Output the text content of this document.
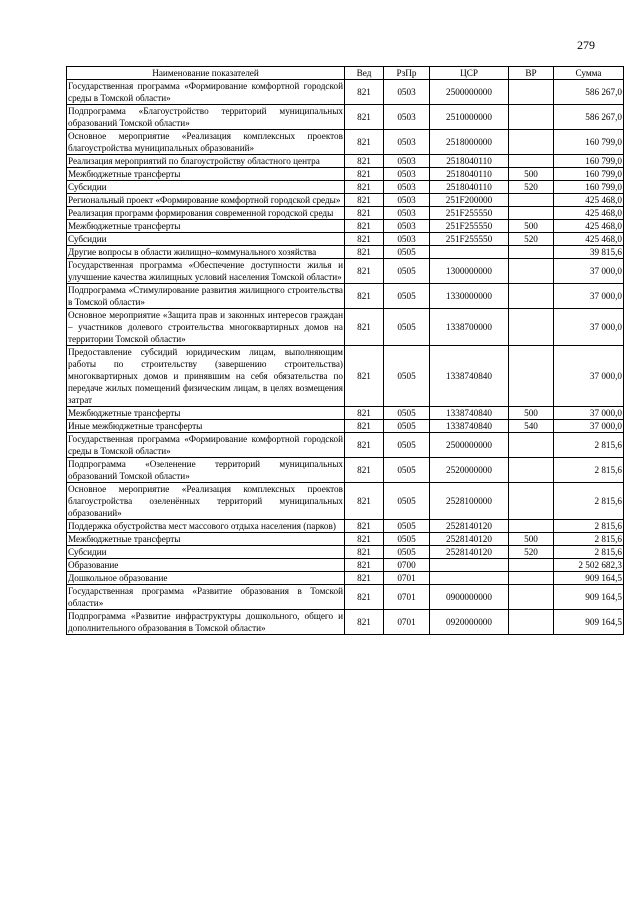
279
Наименование показателей	Вед	РзПр	ЦСР	ВР	Сумма
Государственная программа «Формирование комфортной городской среды в Томской области»	821	0503	2500000000		586 267,0
Подпрограмма «Благоустройство территорий муниципальных образований Томской области»	821	0503	2510000000		586 267,0
Основное мероприятие «Реализация комплексных проектов благоустройства муниципальных образований»	821	0503	2518000000		160 799,0
Реализация мероприятий по благоустройству областного центра	821	0503	2518040110		160 799,0
Межбюджетные трансферты	821	0503	2518040110	500	160 799,0
Субсидии	821	0503	2518040110	520	160 799,0
Региональный проект «Формирование комфортной городской среды»	821	0503	251F200000		425 468,0
Реализация программ формирования современной городской среды	821	0503	251F255550		425 468,0
Межбюджетные трансферты	821	0503	251F255550	500	425 468,0
Субсидии	821	0503	251F255550	520	425 468,0
Другие вопросы в области жилищно–коммунального хозяйства	821	0505			39 815,6
Государственная программа «Обеспечение доступности жилья и улучшение качества жилищных условий населения Томской области»	821	0505	1300000000		37 000,0
Подпрограмма «Стимулирование развития жилищного строительства в Томской области»	821	0505	1330000000		37 000,0
Основное мероприятие «Защита прав и законных интересов граждан – участников долевого строительства многоквартирных домов на территории Томской области»	821	0505	1338700000		37 000,0
Предоставление субсидий юридическим лицам, выполняющим работы по строительству (завершению строительства) многоквартирных домов и принявшим на себя обязательства по передаче жилых помещений физическим лицам, в целях возмещения затрат	821	0505	1338740840		37 000,0
Межбюджетные трансферты	821	0505	1338740840	500	37 000,0
Иные межбюджетные трансферты	821	0505	1338740840	540	37 000,0
Государственная программа «Формирование комфортной городской среды в Томской области»	821	0505	2500000000		2 815,6
Подпрограмма «Озеленение территорий муниципальных образований Томской области»	821	0505	2520000000		2 815,6
Основное мероприятие «Реализация комплексных проектов благоустройства озеленённых территорий муниципальных образований»	821	0505	2528100000		2 815,6
Поддержка обустройства мест массового отдыха населения (парков)	821	0505	2528140120		2 815,6
Межбюджетные трансферты	821	0505	2528140120	500	2 815,6
Субсидии	821	0505	2528140120	520	2 815,6
Образование	821	0700			2 502 682,3
Дошкольное образование	821	0701			909 164,5
Государственная программа «Развитие образования в Томской области»	821	0701	0900000000		909 164,5
Подпрограмма «Развитие инфраструктуры дошкольного, общего и дополнительного образования в Томской области»	821	0701	0920000000		909 164,5
